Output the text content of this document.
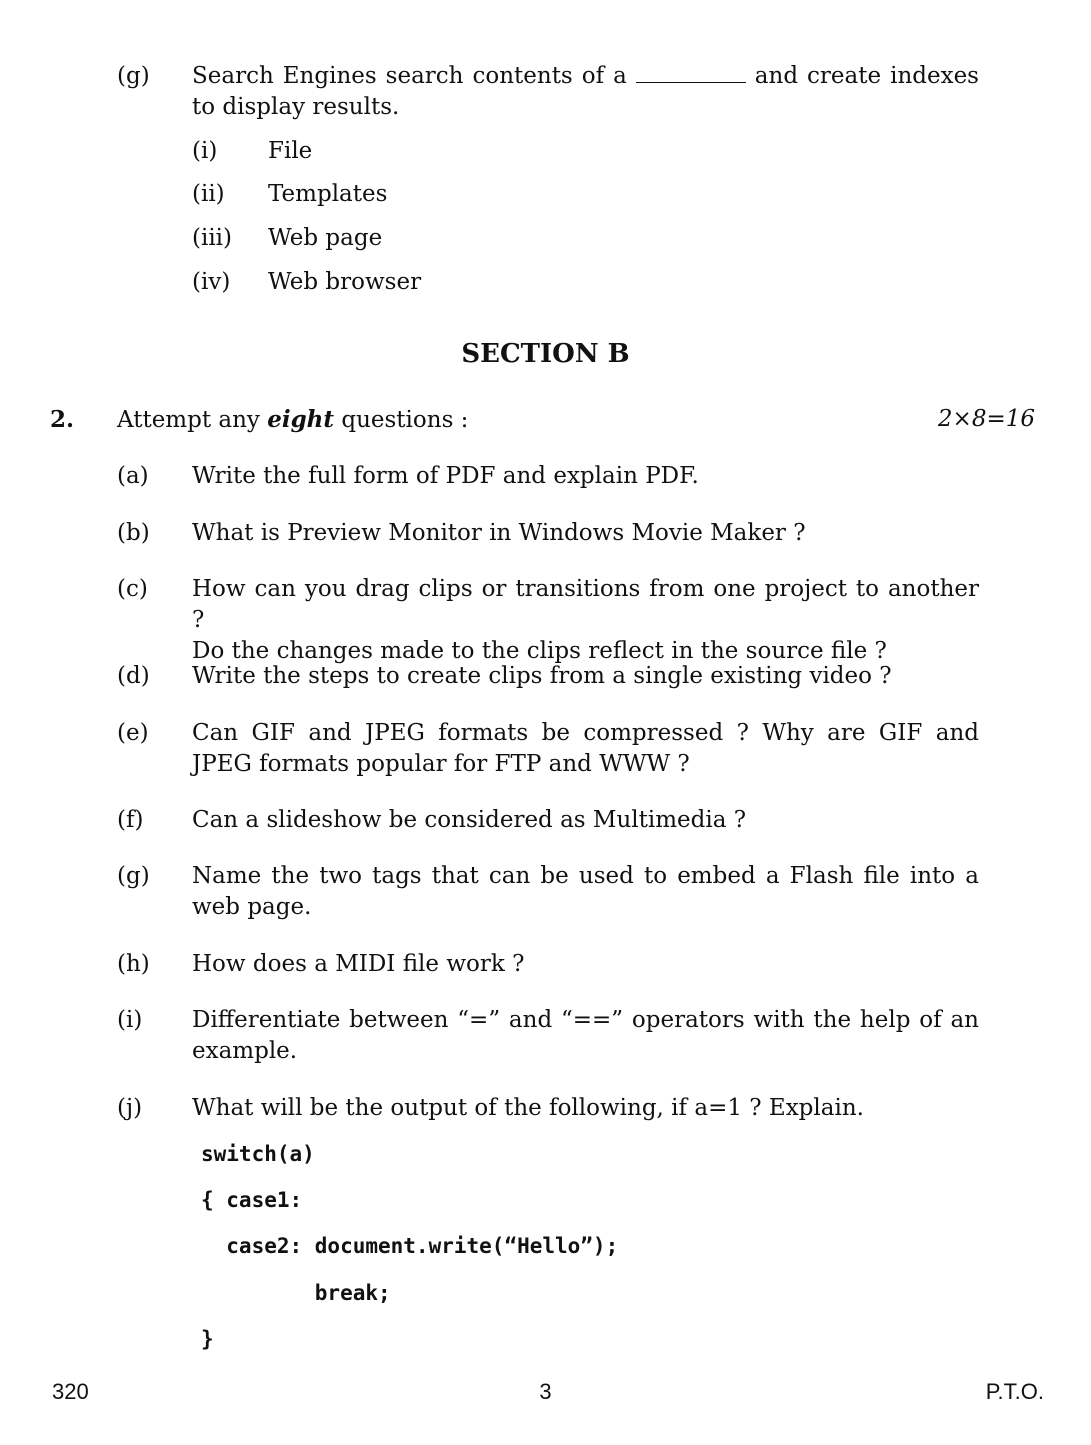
(g) Search Engines search contents of a	and create indexes
to display results.
(i) File
(ii) Templates
(iii) Web page
(iv) Web browser
SECTION B
2. Attempt any eight questions :	2×8=16
(a) Write the full form of PDF and explain PDF.
(b) What is Preview Monitor in Windows Movie Maker ?
(c) How can you drag clips or transitions from one project to another ?
Do the changes made to the clips reflect in the source file ?
(d) Write the steps to create clips from a single existing video ?
(e) Can GIF and JPEG formats be compressed ? Why are GIF and
JPEG formats popular for FTP and WWW ?
(f) Can a slideshow be considered as Multimedia ?
(g) Name the two tags that can be used to embed a Flash file into a
web page.
(h) How does a MIDI file work ?
(i) Differentiate between “=” and “==” operators with the help of an
example.
(j) What will be the output of the following, if a=1 ? Explain.
switch(a)
{ case1:
case2: document.write(“Hello”);
break;
}
320	3	P.T.O.
